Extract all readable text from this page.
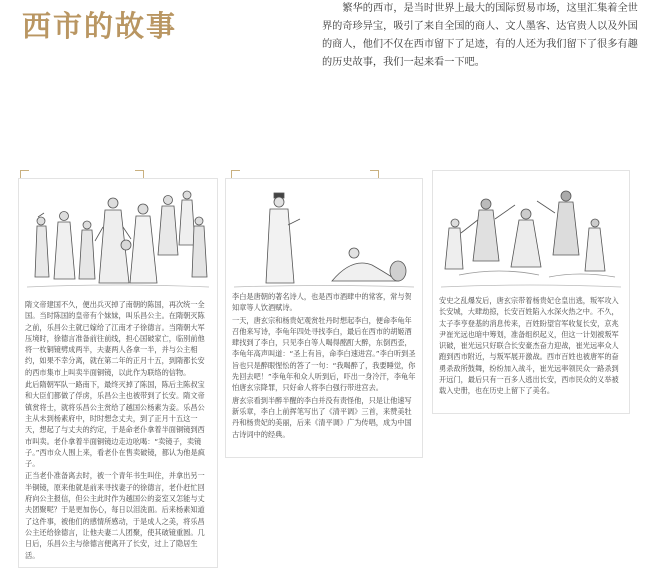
西市的故事

繁华的西市，是当时世界上最大的国际贸易市场，这里汇集着全世界的奇珍异宝，吸引了来自全国的商人、文人墨客、达官贵人以及外国的商人，他们不仅在西市留下了足迹，有的人还为我们留下了很多有趣的历史故事，我们一起来看一下吧。

隋文帝建国不久，便出兵灭掉了南朝的陈国，再次统一全国。当时陈国的皇帝有个妹妹，叫乐昌公主。在隋朝灭陈之前，乐昌公主就已嫁给了江南才子徐德言。当隋朝大军压境时，徐德言准备前往前线，担心国破家亡，临别前他将一枚铜镜劈成两半，夫妻两人各拿一半，并与公主相约，如果不幸分离，就在第二年的正月十五，到隋都长安的西市集市上叫卖半面铜镜，以此作为联络的信物。

此后隋朝军队一路南下，最终灭掉了陈国，陈后主陈叔宝和大臣们都做了俘虏，乐昌公主也被带到了长安。隋文帝镇赏将士，就将乐昌公主赏给了越国公杨素为妾。乐昌公主从未到杨素府中，时时想念丈夫，到了正月十五这一天，想起了与丈夫的约定，于是命老仆拿着半面铜镜到西市叫卖。老仆拿着半面铜镜边走边吆喝：“卖镜子，卖镜子。”西市众人围上来，看老仆在售卖破镜，都认为他是疯子。

正当老仆准备离去时，被一个青年书生叫住，并拿出另一半铜镜，原来他就是前来寻找妻子的徐德言，老仆赶忙回府向公主报信，但公主此时作为越国公的妾室又怎能与丈夫团聚呢？于是更加伤心，每日以泪洗面。后来杨素知道了这件事，被他们的感情所感动，于是成人之美，将乐昌公主还给徐德言，让他夫妻二人团聚，使其破镜重圆。几日后，乐昌公主与徐德言便离开了长安，过上了隐居生活。

李白是唐朝的著名诗人，也是西市酒肆中的常客，常与贺知章等人饮酒赋诗。

一天，唐玄宗和杨贵妃观赏牡丹时想起李白，便命李龟年召他来写诗，李龟年四处寻找李白，最后在西市的胡姬酒肆找到了李白，只见李白等人喝得酩酊大醉，东倒西歪，李龟年高声叫道：“圣上有旨，命李白速进宫。”李白听到圣旨也只是醉眼惺忪的答了一句：“我喝醉了，我要睡觉，你先回去吧！”李龟年和众人听到后，吓出一身冷汗，李龟年怕唐玄宗降罪，只好命人将李白强行带进宫去。

唐玄宗看到半醉半醒的李白并没有责怪他，只是让他速写新乐章，李白上前挥笔写出了《清平调》三首，来赞美牡丹和杨贵妃的美丽，后来《清平调》广为传唱，成为中国古诗词中的经典。

安史之乱爆发后，唐玄宗带着杨贵妃仓皇出逃，叛军攻入长安城，大肆劫掠，长安百姓陷入水深火热之中。不久，太子李亨登基的消息传来，百姓盼望官军收复长安，京兆尹崔光远也暗中筹划，准备组织起义，但这一计划被叛军识破，崔光远只好联合长安豪杰奋力迎战，崔光远率众人跑到西市附近，与叛军展开激战。西市百姓也被唐军的奋勇杀敌所鼓舞，纷纷加入战斗，崔光远率领民众一路杀到开远门，最后只有一百多人逃出长安，西市民众的义举被载入史册，也在历史上留下了美名。
